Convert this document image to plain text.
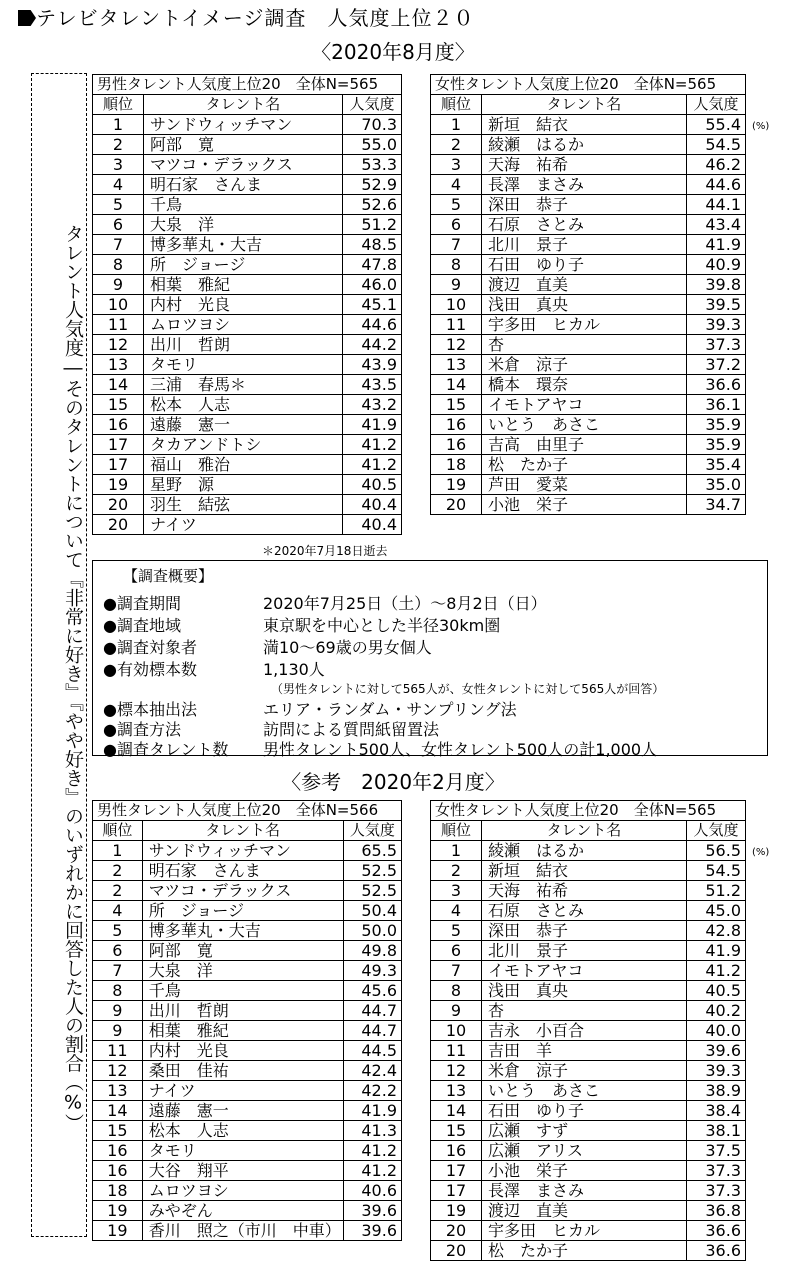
テレビタレントイメージ調査　人気度上位２０
〈2020年8月度〉
タレント人気度―そのタレントについて『非常に好き』『やや好き』のいずれかに回答した人の割合（%）
男性タレント人気度上位20　全体N=565		
順位	タレント名	人気度
1	サンドウィッチマン	70.3
2	阿部　寛	55.0
3	マツコ・デラックス	53.3
4	明石家　さんま	52.9
5	千鳥	52.6
6	大泉　洋	51.2
7	博多華丸・大吉	48.5
8	所　ジョージ	47.8
9	相葉　雅紀	46.0
10	内村　光良	45.1
11	ムロツヨシ	44.6
12	出川　哲朗	44.2
13	タモリ	43.9
14	三浦　春馬＊	43.5
15	松本　人志	43.2
16	遠藤　憲一	41.9
17	タカアンドトシ	41.2
17	福山　雅治	41.2
19	星野　源	40.5
20	羽生　結弦	40.4
20	ナイツ	40.4
女性タレント人気度上位20　全体N=565		
順位	タレント名	人気度
1	新垣　結衣	55.4
2	綾瀬　はるか	54.5
3	天海　祐希	46.2
4	長澤　まさみ	44.6
5	深田　恭子	44.1
6	石原　さとみ	43.4
7	北川　景子	41.9
8	石田　ゆり子	40.9
9	渡辺　直美	39.8
10	浅田　真央	39.5
11	宇多田　ヒカル	39.3
12	杏	37.3
13	米倉　涼子	37.2
14	橋本　環奈	36.6
15	イモトアヤコ	36.1
16	いとう　あさこ	35.9
16	吉高　由里子	35.9
18	松　たか子	35.4
19	芦田　愛菜	35.0
20	小池　栄子	34.7
(%)
＊2020年7月18日逝去
【調査概要】
●調査期間	2020年7月25日（土）～8月2日（日）
●調査地域	東京駅を中心とした半径30km圏
●調査対象者	満10～69歳の男女個人
●有効標本数	1,130人
（男性タレントに対して565人が、女性タレントに対して565人が回答）
●標本抽出法	エリア・ランダム・サンプリング法
●調査方法	訪問による質問紙留置法
●調査タレント数 男性タレント500人、女性タレント500人の計1,000人
〈参考　2020年2月度〉
男性タレント人気度上位20　全体N=566		
順位	タレント名	人気度
1	サンドウィッチマン	65.5
2	明石家　さんま	52.5
2	マツコ・デラックス	52.5
4	所　ジョージ	50.4
5	博多華丸・大吉	50.0
6	阿部　寛	49.8
7	大泉　洋	49.3
8	千鳥	45.6
9	出川　哲朗	44.7
9	相葉　雅紀	44.7
11	内村　光良	44.5
12	桑田　佳祐	42.4
13	ナイツ	42.2
14	遠藤　憲一	41.9
15	松本　人志	41.3
16	タモリ	41.2
16	大谷　翔平	41.2
18	ムロツヨシ	40.6
19	みやぞん	39.6
19	香川　照之（市川　中車）	39.6
女性タレント人気度上位20　全体N=565		
順位	タレント名	人気度
1	綾瀬　はるか	56.5
2	新垣　結衣	54.5
3	天海　祐希	51.2
4	石原　さとみ	45.0
5	深田　恭子	42.8
6	北川　景子	41.9
7	イモトアヤコ	41.2
8	浅田　真央	40.5
9	杏	40.2
10	吉永　小百合	40.0
11	吉田　羊	39.6
12	米倉　涼子	39.3
13	いとう　あさこ	38.9
14	石田　ゆり子	38.4
15	広瀬　すず	38.1
16	広瀬　アリス	37.5
17	小池　栄子	37.3
17	長澤　まさみ	37.3
19	渡辺　直美	36.8
20	宇多田　ヒカル	36.6
20	松　たか子	36.6
(%)
